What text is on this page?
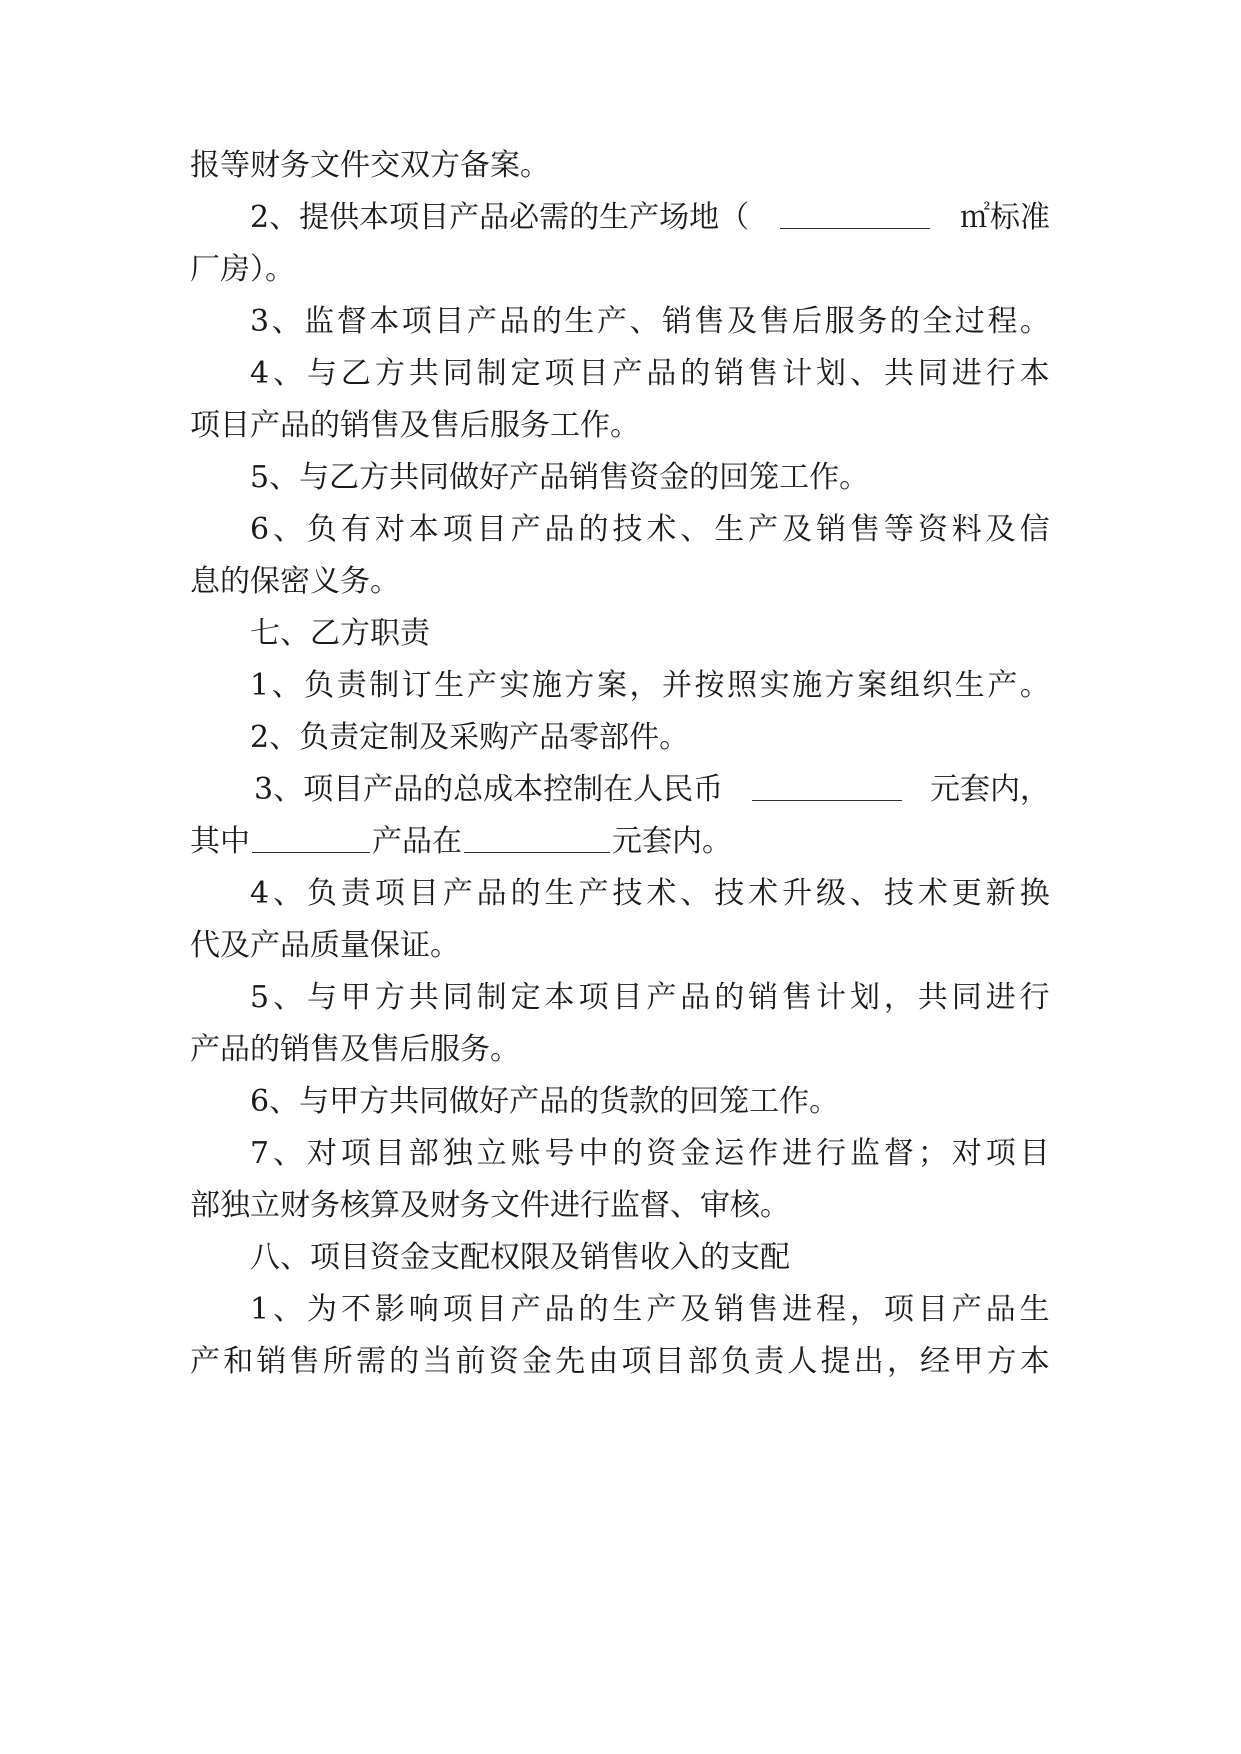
报等财务文件交双方备案。
2、提供本项目产品必需的生产场地（	㎡标准
厂房）。
3 、 监 督 本 项 目 产 品 的 生 产 、 销 售 及 售 后 服 务 的 全 过 程 。
4 、 与 乙 方 共 同 制 定 项 目 产 品 的 销 售 计 划 、 共 同 进 行 本
项目产品的销售及售后服务工作。
5、与乙方共同做好产品销售资金的回笼工作。
6 、 负 有 对 本 项 目 产 品 的 技 术 、 生 产 及 销 售 等 资 料 及 信
息的保密义务。
七、乙方职责
1 、 负 责 制 订 生 产 实 施 方 案 ， 并 按 照 实 施 方 案 组 织 生 产 。
2、负责定制及采购产品零部件。
3、项目产品的总成本控制在人民币	元套内，
其中	产品在	元套内。
4 、 负 责 项 目 产 品 的 生 产 技 术 、 技 术 升 级 、 技 术 更 新 换
代及产品质量保证。
5 、 与 甲 方 共 同 制 定 本 项 目 产 品 的 销 售 计 划 ， 共 同 进 行
产品的销售及售后服务。
6、与甲方共同做好产品的货款的回笼工作。
7 、 对 项 目 部 独 立 账 号 中 的 资 金 运 作 进 行 监 督 ； 对 项 目
部独立财务核算及财务文件进行监督、审核。
八、项目资金支配权限及销售收入的支配
1 、 为 不 影 响 项 目 产 品 的 生 产 及 销 售 进 程 ， 项 目 产 品 生
产 和 销 售 所 需 的 当 前 资 金 先 由 项 目 部 负 责 人 提 出 ， 经 甲 方 本
